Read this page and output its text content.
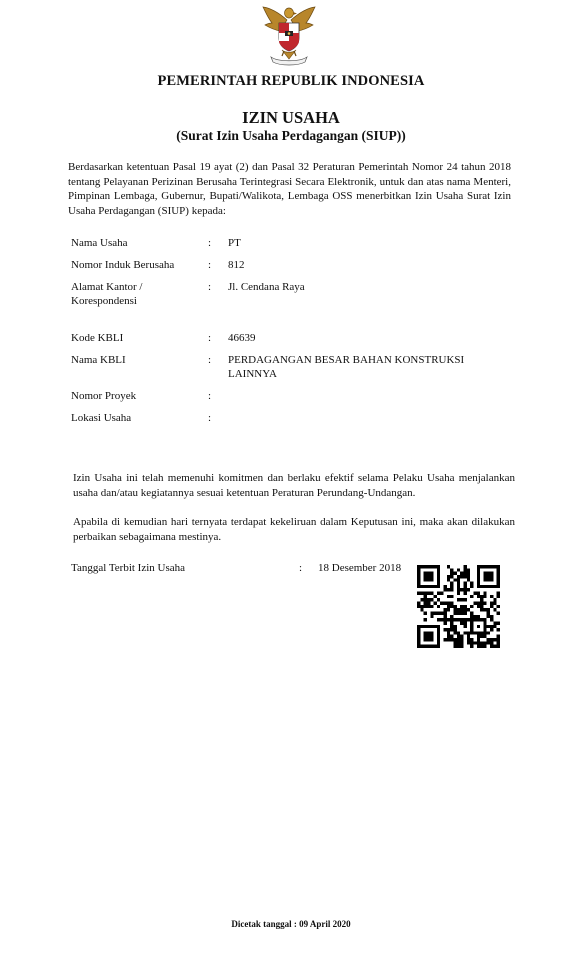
PEMERINTAH REPUBLIK INDONESIA
IZIN USAHA
(Surat Izin Usaha Perdagangan (SIUP))

Berdasarkan ketentuan Pasal 19 ayat (2) dan Pasal 32 Peraturan Pemerintah Nomor 24 tahun 2018 tentang Pelayanan Perizinan Berusaha Terintegrasi Secara Elektronik, untuk dan atas nama Menteri, Pimpinan Lembaga, Gubernur, Bupati/Walikota, Lembaga OSS menerbitkan Izin Usaha Surat Izin Usaha Perdagangan (SIUP) kepada:

Nama Usaha	: PT
Nomor Induk Berusaha	: 812
Alamat Kantor / Korespondensi
: Jl. Cendana Raya
Kode KBLI	: 46639
Nama KBLI	: PERDAGANGAN BESAR BAHAN KONSTRUKSI LAINNYA
Nomor Proyek	:
Lokasi Usaha	:

Izin Usaha ini telah memenuhi komitmen dan berlaku efektif selama Pelaku Usaha menjalankan usaha dan/atau kegiatannya sesuai ketentuan Peraturan Perundang-Undangan.

Apabila di kemudian hari ternyata terdapat kekeliruan dalam Keputusan ini, maka akan dilakukan perbaikan sebagaimana mestinya.

Tanggal Terbit Izin Usaha	: 18 Desember 2018
Dicetak tanggal : 09 April 2020
